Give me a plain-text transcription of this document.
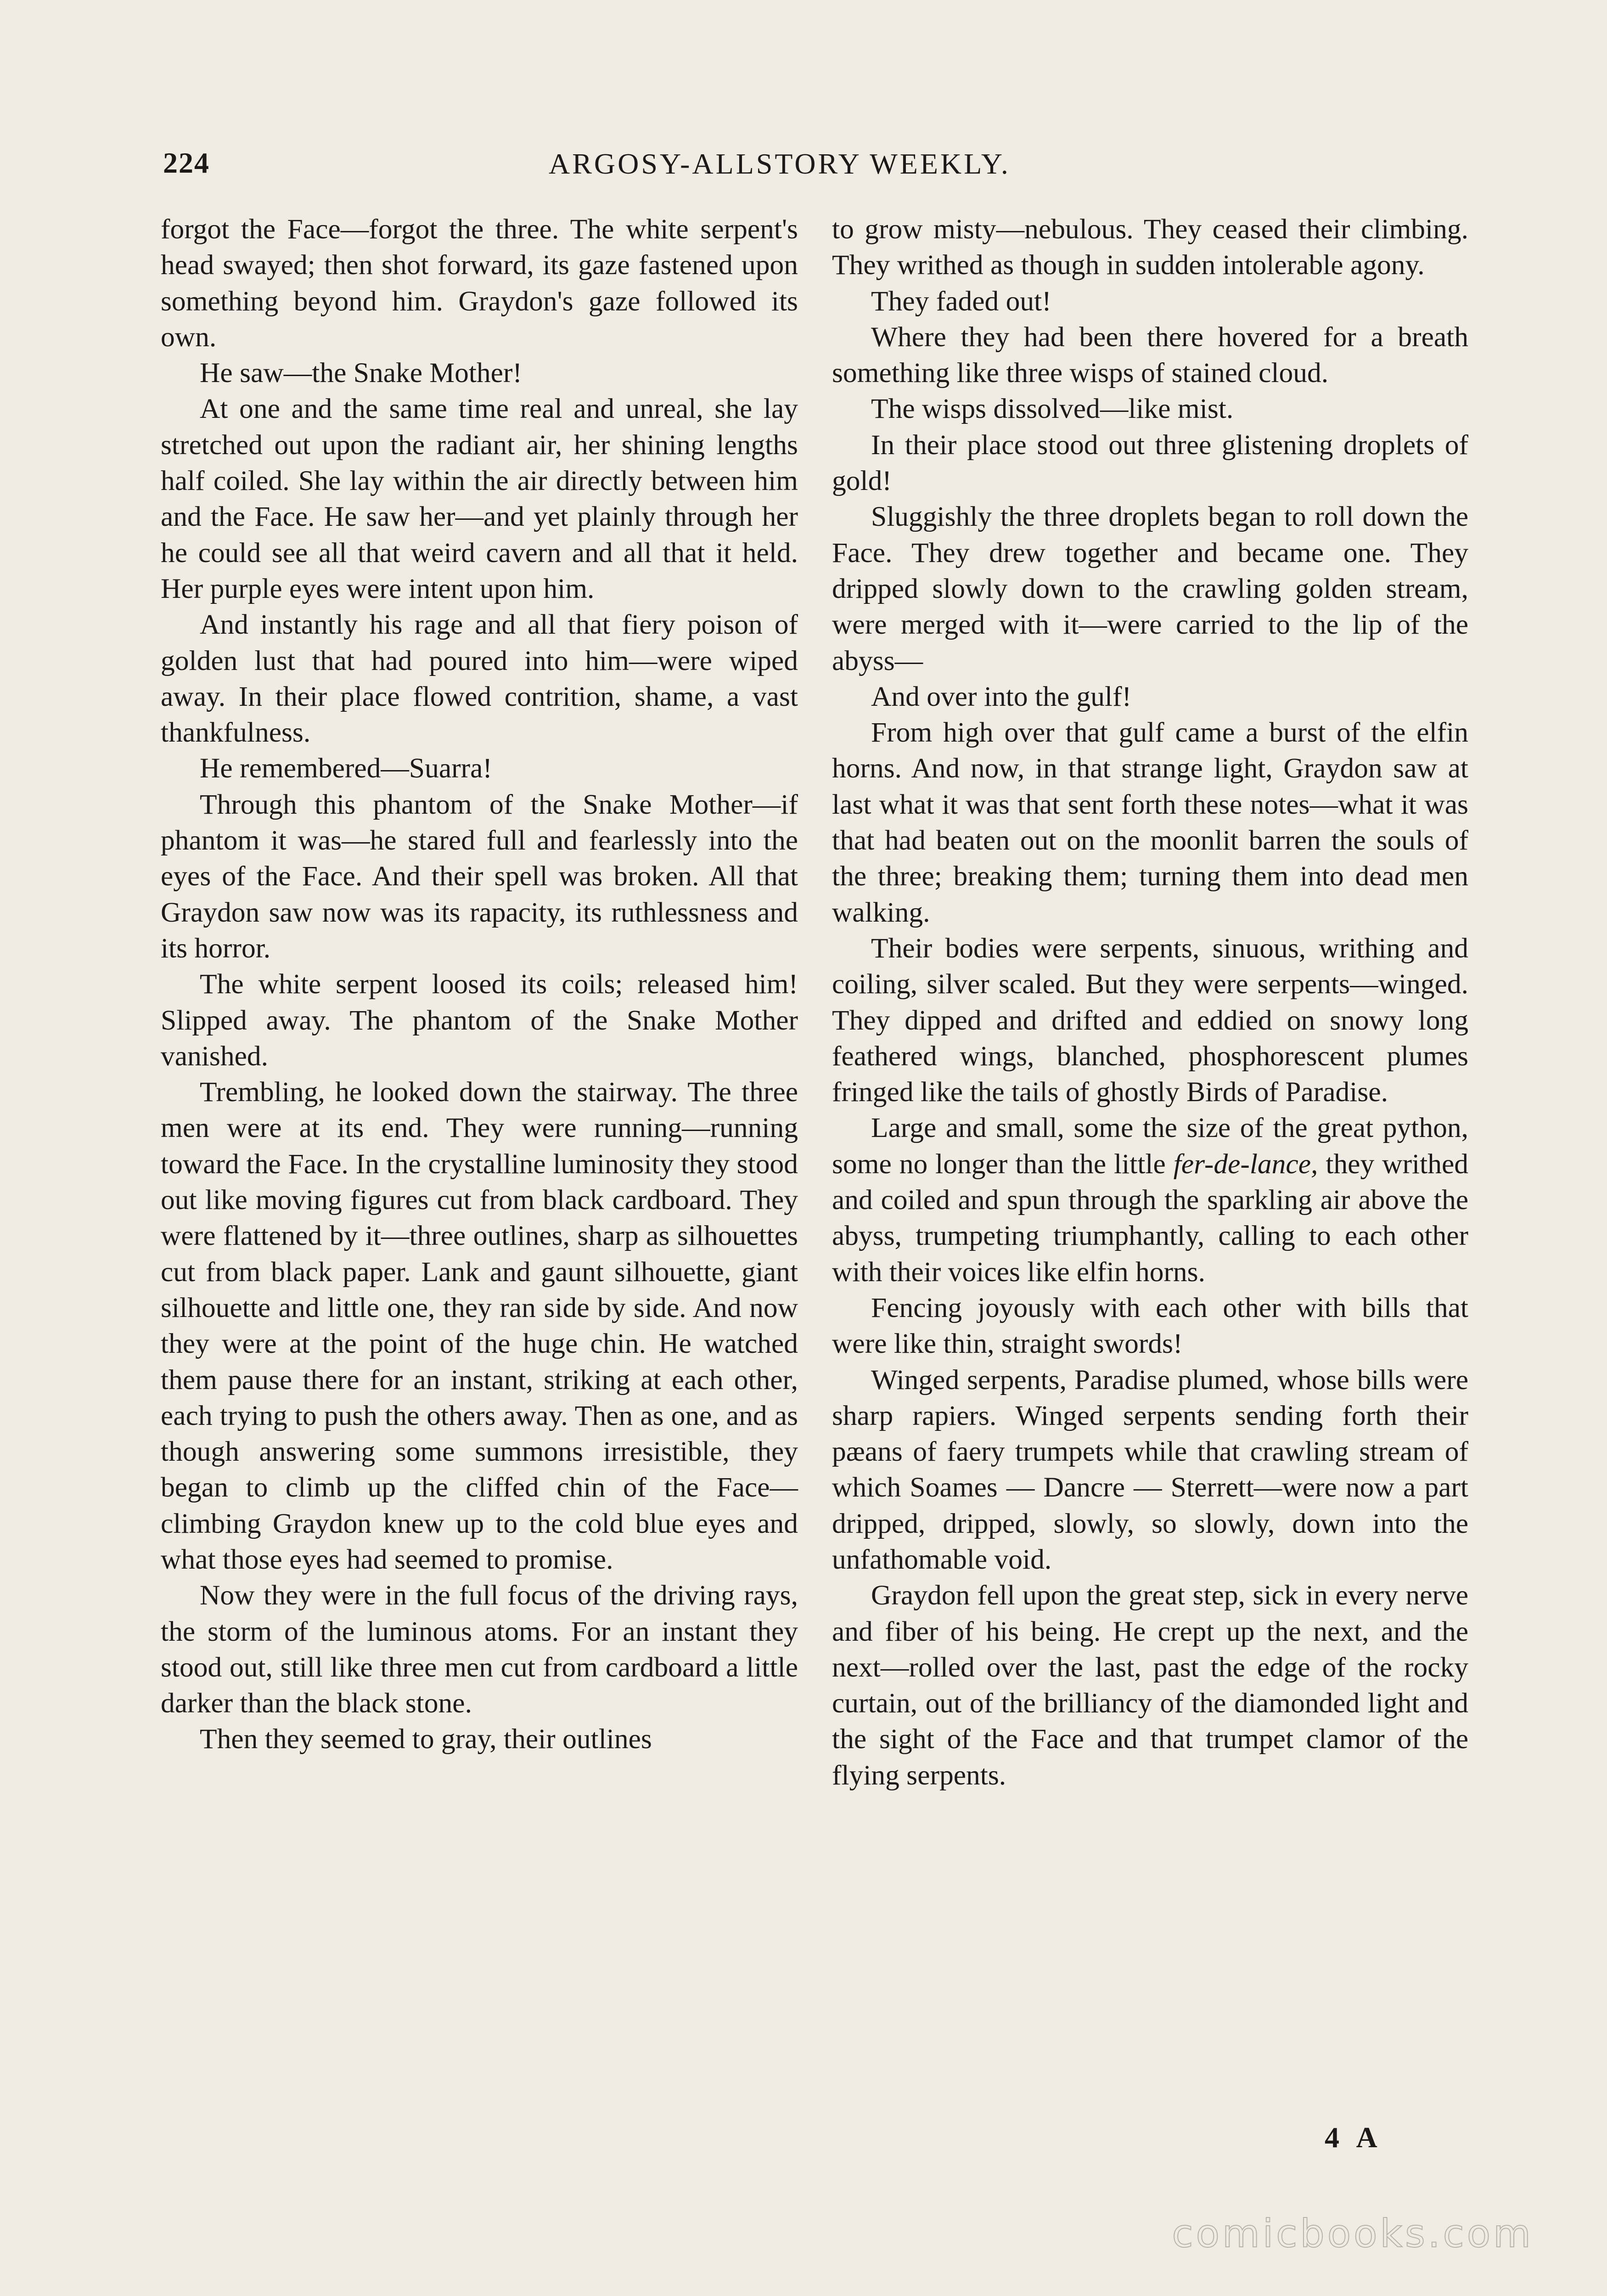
224	ARGOSY-ALLSTORY WEEKLY.

forgot the Face—forgot the three. The white serpent's head swayed; then shot forward, its gaze fastened upon something beyond him. Graydon's gaze followed its own.

He saw—the Snake Mother!

At one and the same time real and unreal, she lay stretched out upon the radiant air, her shining lengths half coiled. She lay within the air directly between him and the Face. He saw her—and yet plainly through her he could see all that weird cavern and all that it held. Her purple eyes were intent upon him.

And instantly his rage and all that fiery poison of golden lust that had poured into him—were wiped away. In their place flowed contrition, shame, a vast thankfulness.

He remembered—Suarra!

Through this phantom of the Snake Mother—if phantom it was—he stared full and fearlessly into the eyes of the Face. And their spell was broken. All that Graydon saw now was its rapacity, its ruthlessness and its horror.

The white serpent loosed its coils; released him! Slipped away. The phantom of the Snake Mother vanished.

Trembling, he looked down the stairway. The three men were at its end. They were running—running toward the Face. In the crystalline luminosity they stood out like moving figures cut from black cardboard. They were flattened by it—three outlines, sharp as silhouettes cut from black paper. Lank and gaunt silhouette, giant silhouette and little one, they ran side by side. And now they were at the point of the huge chin. He watched them pause there for an instant, striking at each other, each trying to push the others away. Then as one, and as though answering some summons irresistible, they began to climb up the cliffed chin of the Face—climbing Graydon knew up to the cold blue eyes and what those eyes had seemed to promise.

Now they were in the full focus of the driving rays, the storm of the luminous atoms. For an instant they stood out, still like three men cut from cardboard a little darker than the black stone.

Then they seemed to gray, their outlines

to grow misty—nebulous. They ceased their climbing. They writhed as though in sudden intolerable agony.

They faded out!

Where they had been there hovered for a breath something like three wisps of stained cloud.

The wisps dissolved—like mist.

In their place stood out three glistening droplets of gold!

Sluggishly the three droplets began to roll down the Face. They drew together and became one. They dripped slowly down to the crawling golden stream, were merged with it—were carried to the lip of the abyss—

And over into the gulf!

From high over that gulf came a burst of the elfin horns. And now, in that strange light, Graydon saw at last what it was that sent forth these notes—what it was that had beaten out on the moonlit barren the souls of the three; breaking them; turning them into dead men walking.

Their bodies were serpents, sinuous, writhing and coiling, silver scaled. But they were serpents—winged. They dipped and drifted and eddied on snowy long feathered wings, blanched, phosphorescent plumes fringed like the tails of ghostly Birds of Paradise.

Large and small, some the size of the great python, some no longer than the little fer-de-lance, they writhed and coiled and spun through the sparkling air above the abyss, trumpeting triumphantly, calling to each other with their voices like elfin horns.

Fencing joyously with each other with bills that were like thin, straight swords!

Winged serpents, Paradise plumed, whose bills were sharp rapiers. Winged serpents sending forth their pæans of faery trumpets while that crawling stream of which Soames — Dancre — Sterrett—were now a part dripped, dripped, slowly, so slowly, down into the unfathomable void.

Graydon fell upon the great step, sick in every nerve and fiber of his being. He crept up the next, and the next—rolled over the last, past the edge of the rocky curtain, out of the brilliancy of the diamonded light and the sight of the Face and that trumpet clamor of the flying serpents.

4 A
comicbooks.com
